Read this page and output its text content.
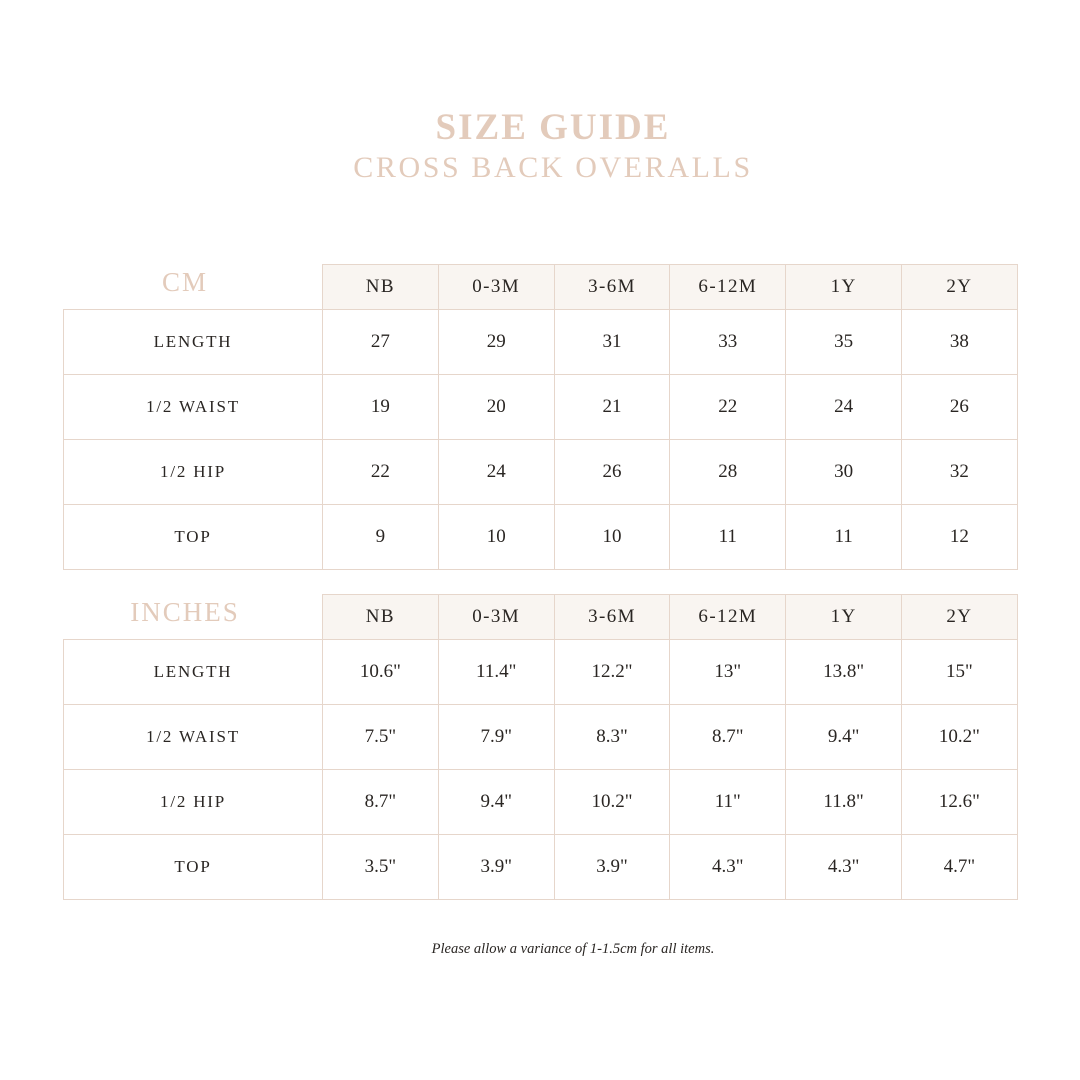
SIZE GUIDE
CROSS BACK OVERALLS
CM
		NB	0-3M	3-6M	6-12M	1Y	2Y
LENGTH	27	29	31	33	35	38
1/2 WAIST	19	20	21	22	24	26
1/2 HIP	22	24	26	28	30	32
TOP	9	10	10	11	11	12
INCHES
		NB	0-3M	3-6M	6-12M	1Y	2Y
LENGTH	10.6"	11.4"	12.2"	13"	13.8"	15"
1/2 WAIST	7.5"	7.9"	8.3"	8.7"	9.4"	10.2"
1/2 HIP	8.7"	9.4"	10.2"	11"	11.8"	12.6"
TOP	3.5"	3.9"	3.9"	4.3"	4.3"	4.7"
Please allow a variance of 1-1.5cm for all items.
